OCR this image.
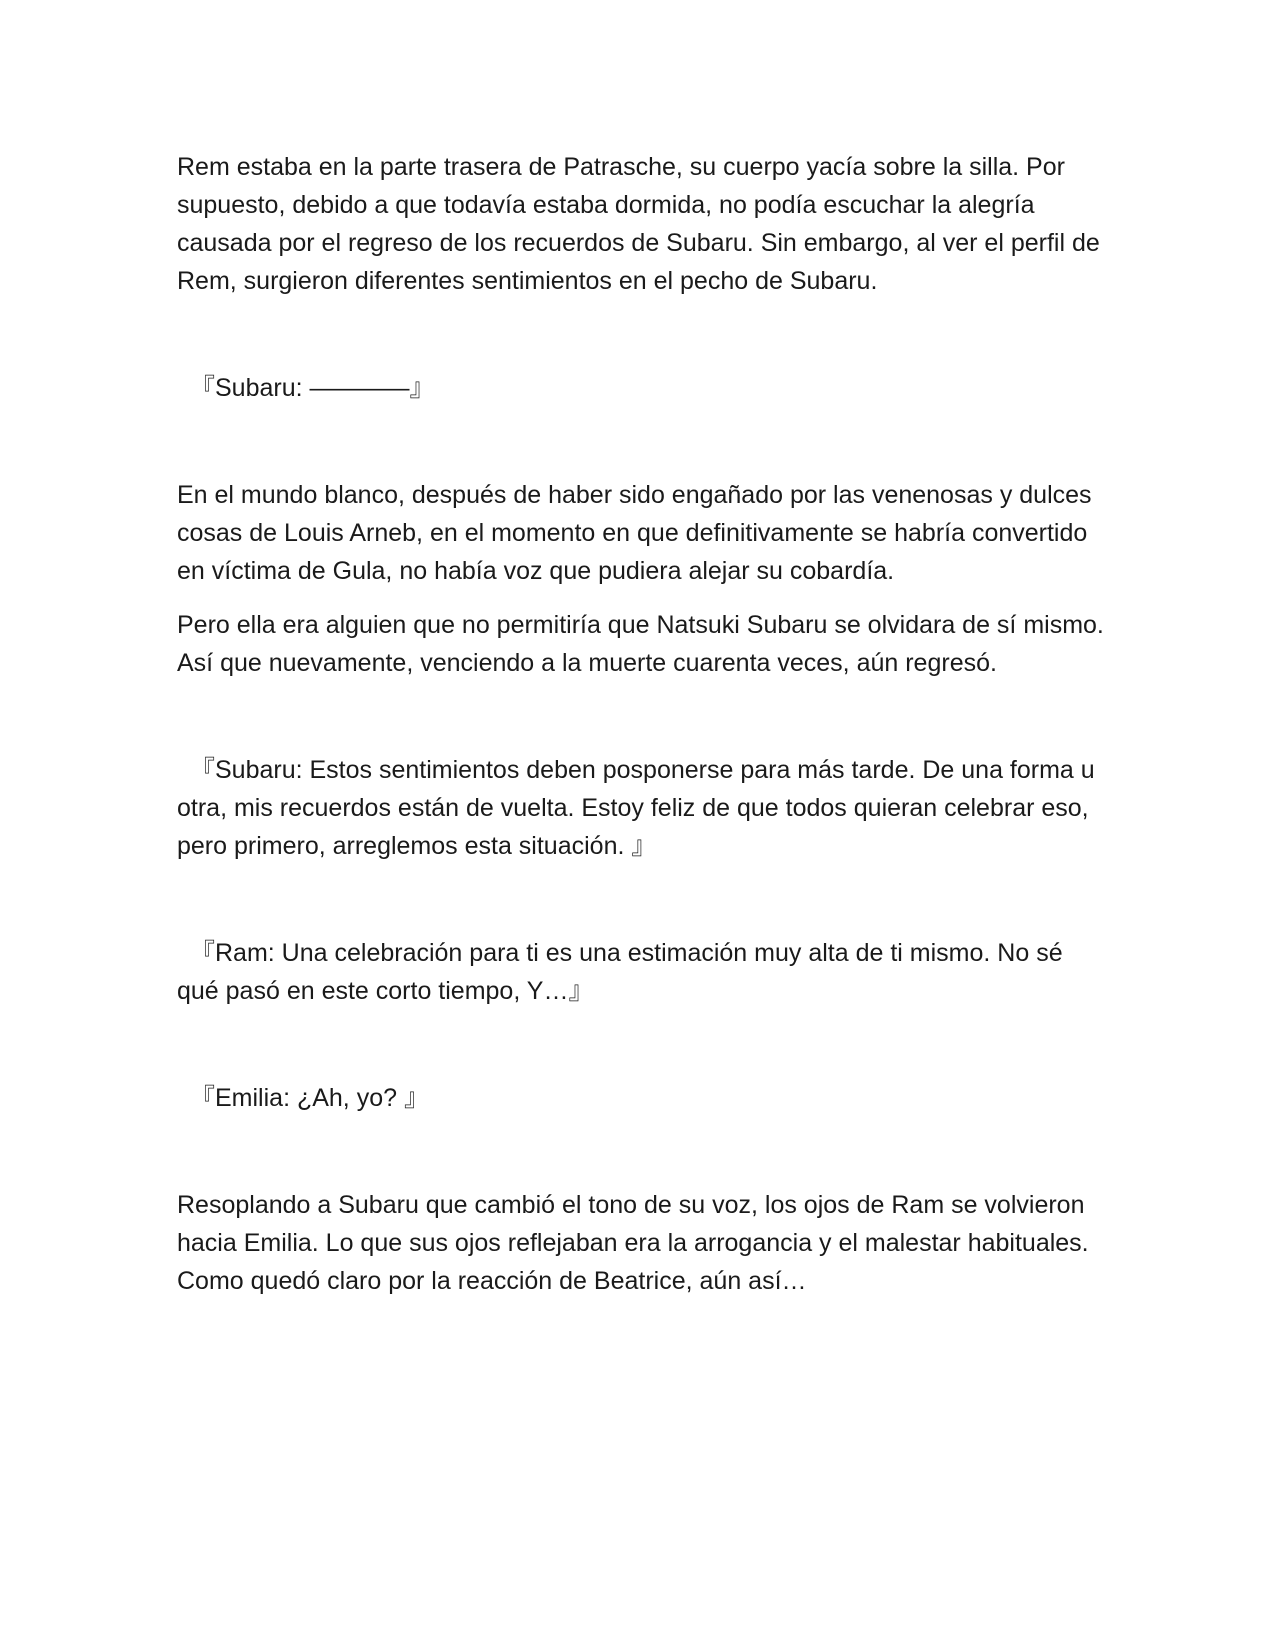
Rem estaba en la parte trasera de Patrasche, su cuerpo yacía sobre la silla. Por supuesto, debido a que todavía estaba dormida, no podía escuchar la alegría causada por el regreso de los recuerdos de Subaru. Sin embargo, al ver el perfil de Rem, surgieron diferentes sentimientos en el pecho de Subaru.

『Subaru: ————』

En el mundo blanco, después de haber sido engañado por las venenosas y dulces cosas de Louis Arneb, en el momento en que definitivamente se habría convertido en víctima de Gula, no había voz que pudiera alejar su cobardía.

Pero ella era alguien que no permitiría que Natsuki Subaru se olvidara de sí mismo. Así que nuevamente, venciendo a la muerte cuarenta veces, aún regresó.

『Subaru: Estos sentimientos deben posponerse para más tarde. De una forma u otra, mis recuerdos están de vuelta. Estoy feliz de que todos quieran celebrar eso, pero primero, arreglemos esta situación. 』

『Ram: Una celebración para ti es una estimación muy alta de ti mismo. No sé qué pasó en este corto tiempo, Y…』

『Emilia: ¿Ah, yo? 』

Resoplando a Subaru que cambió el tono de su voz, los ojos de Ram se volvieron hacia Emilia. Lo que sus ojos reflejaban era la arrogancia y el malestar habituales. Como quedó claro por la reacción de Beatrice, aún así…
